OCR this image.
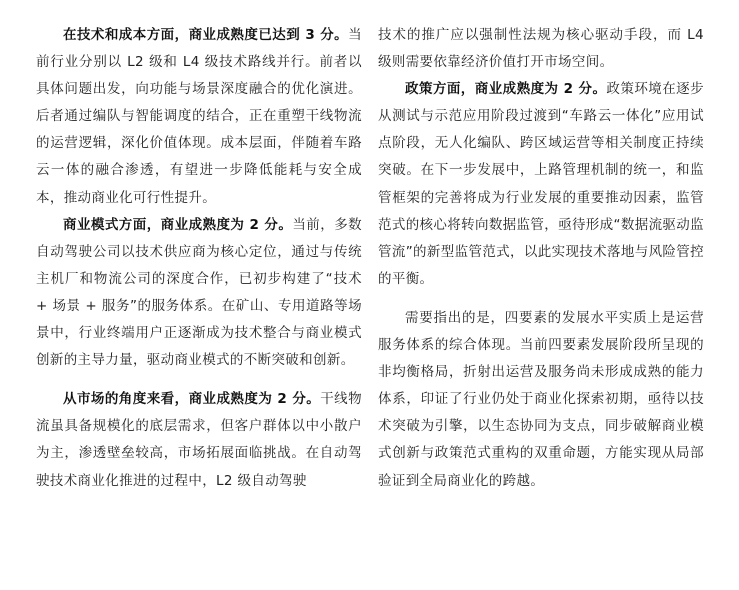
在技术和成本方面，商业成熟度已达到 3 分。当前行业分别以 L2 级和 L4 级技术路线并行。前者以具体问题出发，向功能与场景深度融合的优化演进。后者通过编队与智能调度的结合，正在重塑干线物流的运营逻辑，深化价值体现。成本层面，伴随着车路云一体的融合渗透，有望进一步降低能耗与安全成本，推动商业化可行性提升。

商业模式方面，商业成熟度为 2 分。当前，多数自动驾驶公司以技术供应商为核心定位，通过与传统主机厂和物流公司的深度合作，已初步构建了“技术 + 场景 + 服务”的服务体系。在矿山、专用道路等场景中，行业终端用户正逐渐成为技术整合与商业模式创新的主导力量，驱动商业模式的不断突破和创新。

从市场的角度来看，商业成熟度为 2 分。干线物流虽具备规模化的底层需求，但客户群体以中小散户为主，渗透壁垒较高，市场拓展面临挑战。在自动驾驶技术商业化推进的过程中，L2 级自动驾驶

技术的推广应以强制性法规为核心驱动手段，而 L4 级则需要依靠经济价值打开市场空间。

政策方面，商业成熟度为 2 分。政策环境在逐步从测试与示范应用阶段过渡到“车路云一体化”应用试点阶段，无人化编队、跨区域运营等相关制度正持续突破。在下一步发展中，上路管理机制的统一，和监管框架的完善将成为行业发展的重要推动因素，监管范式的核心将转向数据监管，亟待形成“数据流驱动监管流”的新型监管范式，以此实现技术落地与风险管控的平衡。

需要指出的是，四要素的发展水平实质上是运营服务体系的综合体现。当前四要素发展阶段所呈现的非均衡格局，折射出运营及服务尚未形成成熟的能力体系，印证了行业仍处于商业化探索初期，亟待以技术突破为引擎，以生态协同为支点，同步破解商业模式创新与政策范式重构的双重命题，方能实现从局部验证到全局商业化的跨越。
